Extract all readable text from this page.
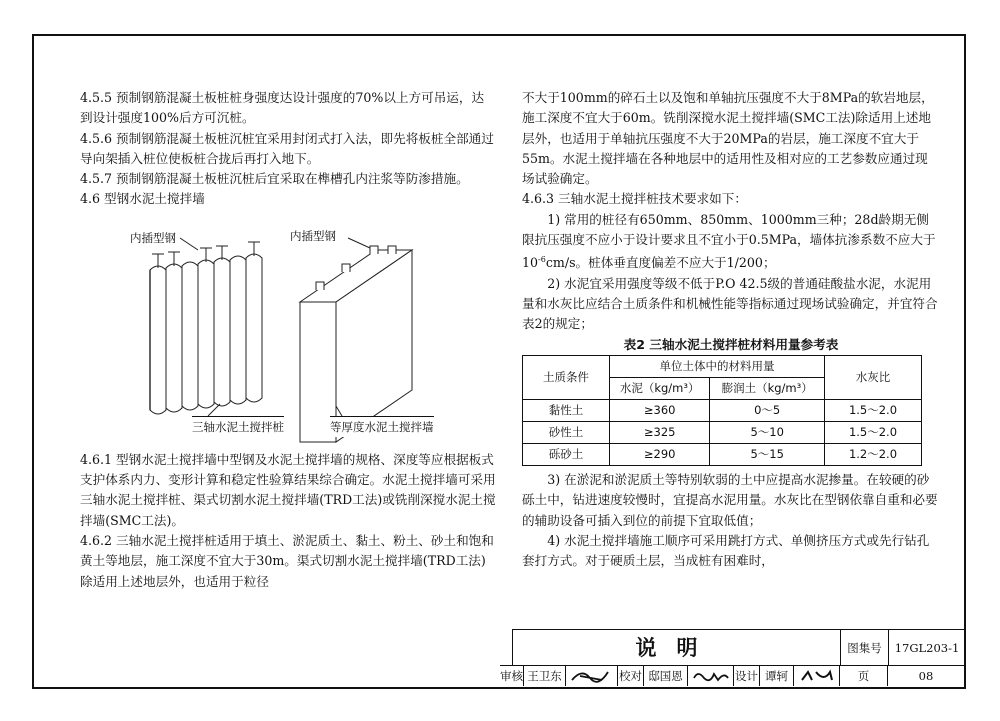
4.5.5 预制钢筋混凝土板桩桩身强度达设计强度的70%以上方可吊运，达到设计强度100%后方可沉桩。

4.5.6 预制钢筋混凝土板桩沉桩宜采用封闭式打入法，即先将板桩全部通过导向架插入桩位使板桩合拢后再打入地下。

4.5.7 预制钢筋混凝土板桩沉桩后宜采取在榫槽孔内注浆等防渗措施。

4.6 型钢水泥土搅拌墙

内插型钢	内插型钢
三轴水泥土搅拌桩	等厚度水泥土搅拌墙

4.6.1 型钢水泥土搅拌墙中型钢及水泥土搅拌墙的规格、深度等应根据板式支护体系内力、变形计算和稳定性验算结果综合确定。水泥土搅拌墙可采用三轴水泥土搅拌桩、渠式切割水泥土搅拌墙(TRD工法)或铣削深搅水泥土搅拌墙(SMC工法)。

4.6.2 三轴水泥土搅拌桩适用于填土、淤泥质土、黏土、粉土、砂土和饱和黄土等地层，施工深度不宜大于30m。渠式切割水泥土搅拌墙(TRD工法)除适用上述地层外，也适用于粒径

不大于100mm的碎石土以及饱和单轴抗压强度不大于8MPa的软岩地层，施工深度不宜大于60m。铣削深搅水泥土搅拌墙(SMC工法)除适用上述地层外，也适用于单轴抗压强度不大于20MPa的岩层，施工深度不宜大于55m。水泥土搅拌墙在各种地层中的适用性及相对应的工艺参数应通过现场试验确定。

4.6.3 三轴水泥土搅拌桩技术要求如下：

1) 常用的桩径有650mm、850mm、1000mm三种；28d龄期无侧限抗压强度不应小于设计要求且不宜小于0.5MPa，墙体抗渗系数不应大于$10^{-6}cm/s$。桩体垂直度偏差不应大于1/200；

2) 水泥宜采用强度等级不低于P.O 42.5级的普通硅酸盐水泥，水泥用量和水灰比应结合土质条件和机械性能等指标通过现场试验确定，并宜符合表2的规定；

表2 三轴水泥土搅拌桩材料用量参考表

土质条件	单位土体中的材料用量		水灰比
	水泥（kg/m³）	膨润土（kg/m³）	
黏性土	≥360	0～5	1.5～2.0
砂性土	≥325	5～10	1.5～2.0
砾砂土	≥290	5～15	1.2～2.0

3) 在淤泥和淤泥质土等特别软弱的土中应提高水泥掺量。在较硬的砂砾土中，钻进速度较慢时，宜提高水泥用量。水灰比在型钢依靠自重和必要的辅助设备可插入到位的前提下宜取低值；

4) 水泥土搅拌墙施工顺序可采用跳打方式、单侧挤压方式或先行钻孔套打方式。对于硬质土层，当成桩有困难时，

说明	图集号	17GL203-1
审核 王卫东	校对 邸国恩	设计 谭轲	页	08
